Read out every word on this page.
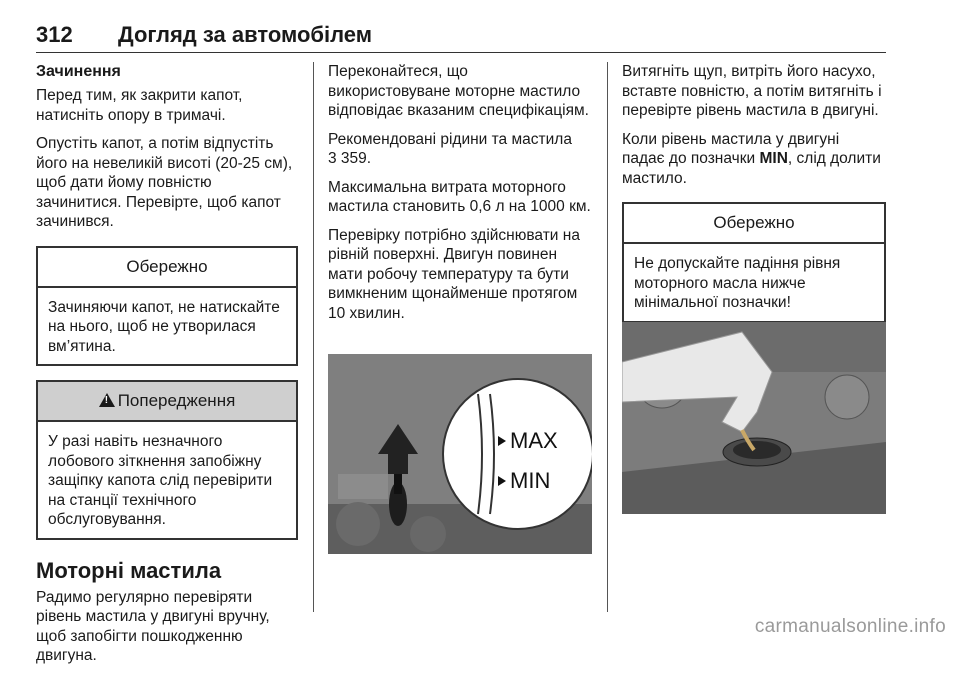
312 Догляд за автомобілем
Зачинення

Перед тим, як закрити капот, натисніть опору в тримачі.

Опустіть капот, а потім відпустіть його на невеликій висоті (20-25 см), щоб дати йому повністю зачинитися. Перевірте, щоб капот зачинився.

Обережно
Зачиняючи капот, не натискайте на нього, щоб не утворилася вм’ятина.
!Попередження
У разі навіть незначного лобового зіткнення запобіжну защіпку капота слід перевірити на станції технічного обслуговування.
Моторні мастила

Радимо регулярно перевіряти рівень мастила у двигуні вручну, щоб запобігти пошкодженню двигуна.

Переконайтеся, що використовуване моторне мастило відповідає вказаним специфікаціям.

Рекомендовані рідини та мастила
3 359.

Максимальна витрата моторного мастила становить 0,6 л на 1000 км.

Перевірку потрібно здійснювати на рівній поверхні. Двигун повинен мати робочу температуру та бути вимкненим щонайменше протягом 10 хвилин.

MAX
MIN

Витягніть щуп, витріть його насухо, вставте повністю, а потім витягніть і перевірте рівень мастила в двигуні.

Коли рівень мастила у двигуні падає до позначки MIN, слід долити мастило.

Обережно
Не допускайте падіння рівня моторного масла нижче мінімальної позначки!
carmanualsonline.info
